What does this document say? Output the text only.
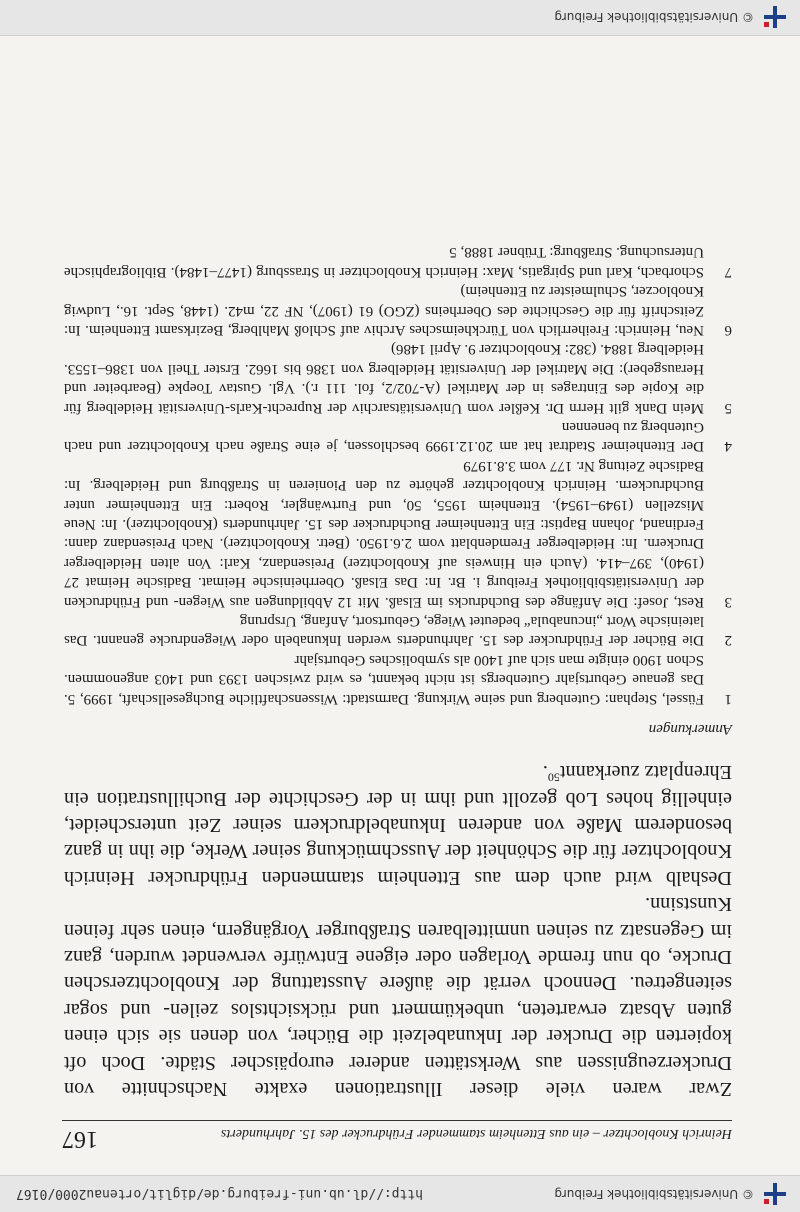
© Universitätsbibliothek Freiburg
http://dl.ub.uni-freiburg.de/diglit/ortenau2000/0167
Heinrich Knoblochtzer – ein aus Ettenheim stammender Frühdrucker des 15. Jahrhunderts
167

Zwar waren viele dieser Illustrationen exakte Nachschnitte von Druckerzeugnissen aus Werkstätten anderer europäischer Städte. Doch oft kopierten die Drucker der Inkunabelzeit die Bücher, von denen sie sich einen guten Absatz erwarteten, unbekümmert und rücksichtslos zeilen- und sogar seitengetreu. Dennoch verrät die äußere Ausstattung der Knoblochtzerschen Drucke, ob nun fremde Vorlagen oder eigene Entwürfe verwendet wurden, ganz im Gegensatz zu seinen unmittelbaren Straßburger Vorgängern, einen sehr feinen Kunstsinn.

Deshalb wird auch dem aus Ettenheim stammenden Frühdrucker Heinrich Knoblochtzer für die Schönheit der Ausschmückung seiner Werke, die ihn in ganz besonderem Maße von anderen Inkunabeldruckern seiner Zeit unterscheidet, einhellig hohes Lob gezollt und ihm in der Geschichte der Buchillustration ein Ehrenplatz zuerkannt$^{50}$.

Anmerkungen
1
Füssel, Stephan: Gutenberg und seine Wirkung. Darmstadt: Wissenschaftliche Buchgesellschaft, 1999, 5. Das genaue Geburtsjahr Gutenbergs ist nicht bekannt, es wird zwischen 1393 und 1403 angenommen. Schon 1900 einigte man sich auf 1400 als symbolisches Geburtsjahr
2
Die Bücher der Frühdrucker des 15. Jahrhunderts werden Inkunabeln oder Wiegendrucke genannt. Das lateinische Wort „incunabula“ bedeutet Wiege, Geburtsort, Anfang, Ursprung
3
Rest, Josef: Die Anfänge des Buchdrucks im Elsaß. Mit 12 Abbildungen aus Wiegen- und Frühdrucken der Universitätsbibliothek Freiburg i. Br. In: Das Elsaß. Oberrheinische Heimat. Badische Heimat 27 (1940), 397–414. (Auch ein Hinweis auf Knoblochtzer) Preisendanz, Karl: Von alten Heidelberger Druckern. In: Heidelberger Fremdenblatt vom 2.6.1950. (Betr. Knoblochtzer). Nach Preisendanz dann: Ferdinand, Johann Baptist: Ein Ettenheimer Buchdrucker des 15. Jahrhunderts (Knoblochtzer). In: Neue Miszellen (1949–1954). Ettenheim 1955, 50, und Furtwängler, Robert: Ein Ettenheimer unter Buchdruckern. Heinrich Knoblochtzer gehörte zu den Pionieren in Straßburg und Heidelberg. In: Badische Zeitung Nr. 177 vom 3.8.1979
4
Der Ettenheimer Stadtrat hat am 20.12.1999 beschlossen, je eine Straße nach Knoblochtzer und nach Gutenberg zu benennen
5
Mein Dank gilt Herrn Dr. Keßler vom Universitätsarchiv der Ruprecht-Karls-Universität Heidelberg für die Kopie des Eintrages in der Matrikel (A-702/2, fol. 111 r.). Vgl. Gustav Toepke (Bearbeiter und Herausgeber): Die Matrikel der Universität Heidelberg von 1386 bis 1662. Erster Theil von 1386–1553. Heidelberg 1884. (382: Knoblochtzer 9. April 1486)
6
Neu, Heinrich: Freiherrlich von Türckheimsches Archiv auf Schloß Mahlberg, Bezirksamt Ettenheim. In: Zeitschrift für die Geschichte des Oberrheins (ZGO) 61 (1907), NF 22, m42. (1448, Sept. 16., Ludwig Knobloczer, Schulmeister zu Ettenheim)
7
Schorbach, Karl und Spirgatis, Max: Heinrich Knoblochtzer in Strassburg (1477–1484). Bibliographische Untersuchung. Straßburg: Trübner 1888, 5
© Universitätsbibliothek Freiburg
